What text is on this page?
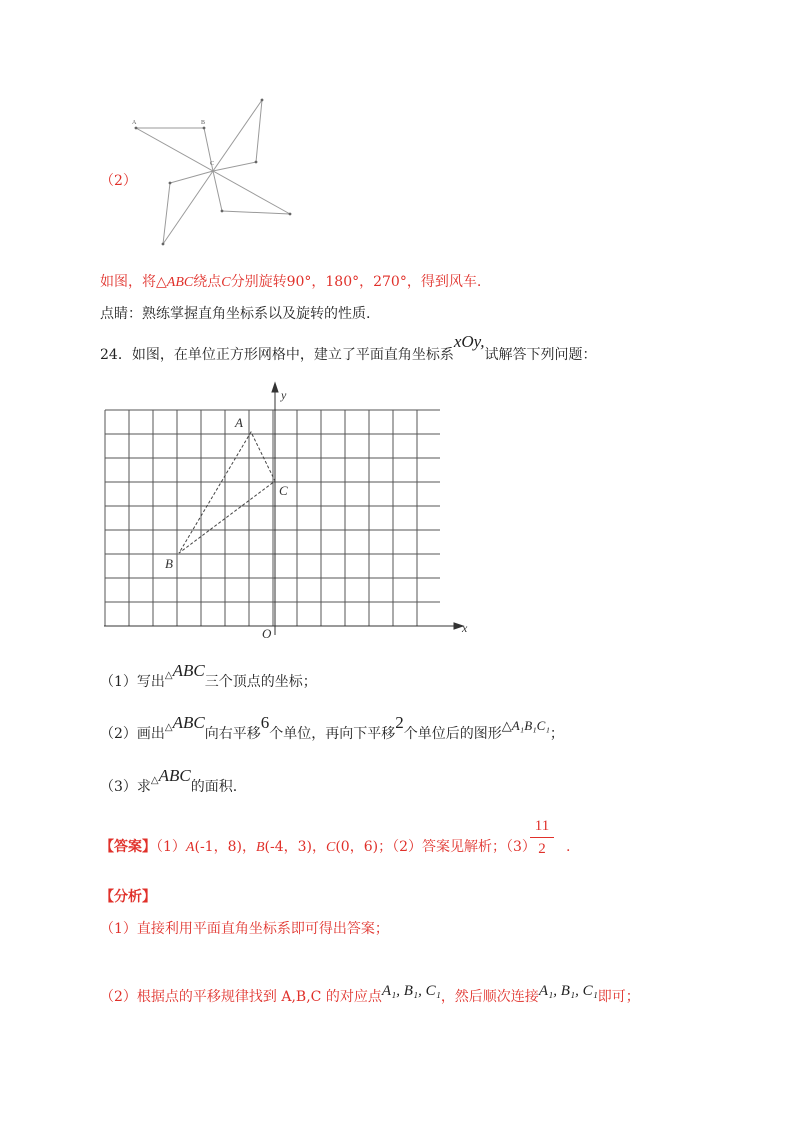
（2）
A	B
C
如图，将△ABC绕点C分别旋转90°，180°，270°，得到风车.
点睛：熟练掌握直角坐标系以及旋转的性质.
24．如图，在单位正方形网格中，建立了平面直角坐标系xOy,试解答下列问题：
y
x
O
A
B
C
（1）写出△ABC三个顶点的坐标；
（2）画出△ABC向右平移6个单位，再向下平移2个单位后的图形△A₁B₁C₁；
（3）求△ABC的面积.
【答案】（1）A(-1，8)，B(-4，3)，C(0，6)；（2）答案见解析；（3）
11
2	.
【分析】
（1）直接利用平面直角坐标系即可得出答案；
（2）根据点的平移规律找到 A,B,C 的对应点A₁, B₁, C₁，然后顺次连接A₁, B₁, C₁即可；
